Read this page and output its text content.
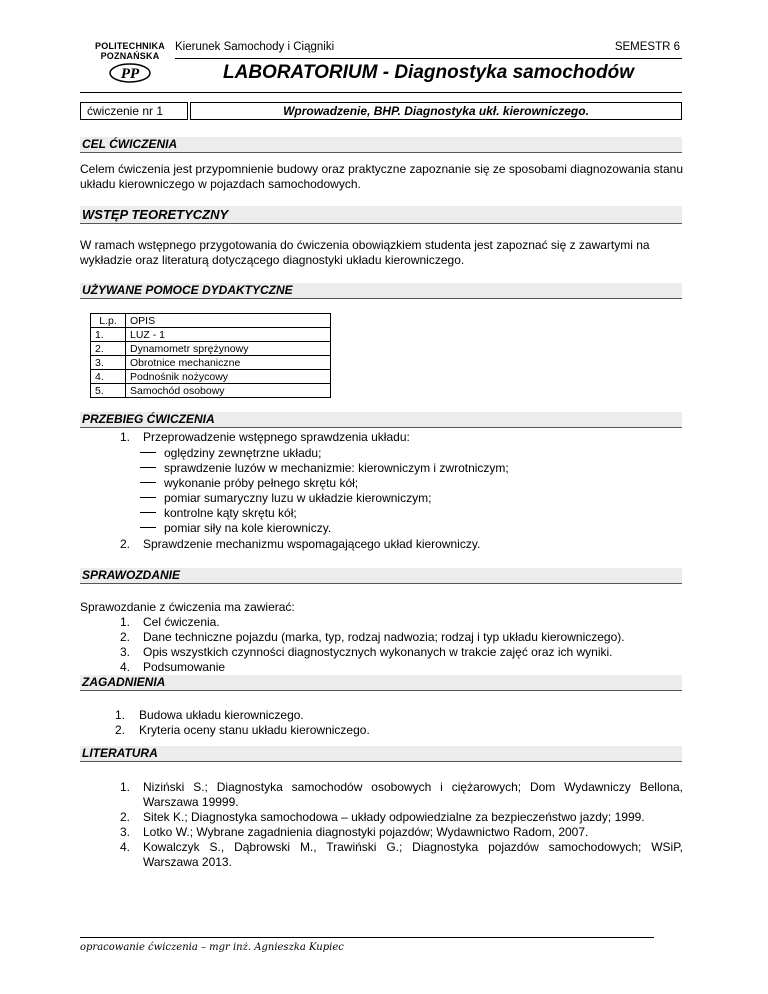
POLITECHNIKA
POZNAŃSKA
PP
Kierunek Samochody i Ciągniki	SEMESTR 6
LABORATORIUM - Diagnostyka samochodów
ćwiczenie nr 1	Wprowadzenie, BHP. Diagnostyka ukł. kierowniczego.
CEL ĆWICZENIA
Celem ćwiczenia jest przypomnienie budowy oraz praktyczne zapoznanie się ze sposobami diagnozowania stanu układu kierowniczego w pojazdach samochodowych.
WSTĘP TEORETYCZNY
W ramach wstępnego przygotowania do ćwiczenia obowiązkiem studenta jest zapoznać się z zawartymi na wykładzie oraz literaturą dotyczącego diagnostyki układu kierowniczego.
UŻYWANE POMOCE DYDAKTYCZNE
L.p.	OPIS
1.	LUZ - 1
2.	Dynamometr sprężynowy
3.	Obrotnice mechaniczne
4.	Podnośnik nożycowy
5.	Samochód osobowy
PRZEBIEG ĆWICZENIA
1. Przeprowadzenie wstępnego sprawdzenia układu:
oględziny zewnętrzne układu;
sprawdzenie luzów w mechanizmie: kierowniczym i zwrotniczym;
wykonanie próby pełnego skrętu kół;
pomiar sumaryczny luzu w układzie kierowniczym;
kontrolne kąty skrętu kół;
pomiar siły na kole kierowniczy.
2. Sprawdzenie mechanizmu wspomagającego układ kierowniczy.
SPRAWOZDANIE
Sprawozdanie z ćwiczenia ma zawierać:
1. Cel ćwiczenia.
2. Dane techniczne pojazdu (marka, typ, rodzaj nadwozia; rodzaj i typ układu kierowniczego).
3. Opis wszystkich czynności diagnostycznych wykonanych w trakcie zajęć oraz ich wyniki.
4. Podsumowanie
ZAGADNIENIA
1. Budowa układu kierowniczego.
2. Kryteria oceny stanu układu kierowniczego.
LITERATURA
1. Niziński S.; Diagnostyka samochodów osobowych i ciężarowych; Dom Wydawniczy Bellona, Warszawa 19999.
2. Sitek K.; Diagnostyka samochodowa – układy odpowiedzialne za bezpieczeństwo jazdy; 1999.
3. Lotko W.; Wybrane zagadnienia diagnostyki pojazdów; Wydawnictwo Radom, 2007.
4. Kowalczyk S., Dąbrowski M., Trawiński G.; Diagnostyka pojazdów samochodowych; WSiP, Warszawa 2013.
opracowanie ćwiczenia – mgr inż. Agnieszka Kupiec
